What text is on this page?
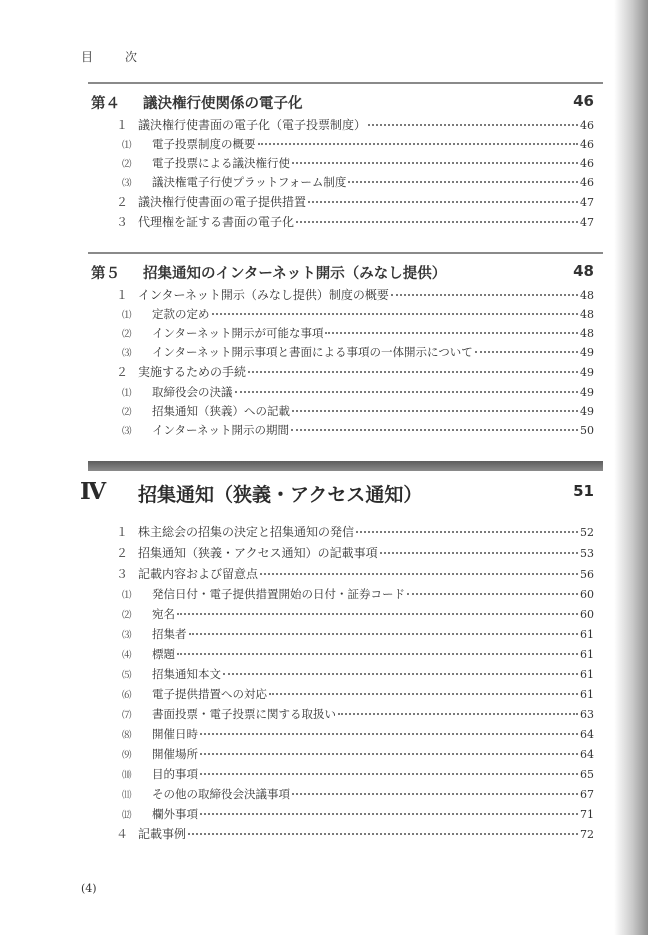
目　次
第４ 議決権行使関係の電子化	46
１ 議決権行使書面の電子化（電子投票制度）	46
⑴	電子投票制度の概要	46
⑵	電子投票による議決権行使	46
⑶	議決権電子行使プラットフォーム制度	46
２ 議決権行使書面の電子提供措置	47
３ 代理権を証する書面の電子化	47
第５ 招集通知のインターネット開示（みなし提供）	48
１ インターネット開示（みなし提供）制度の概要	48
⑴	定款の定め	48
⑵	インターネット開示が可能な事項	48
⑶	インターネット開示事項と書面による事項の一体開示について	49
２ 実施するための手続	49
⑴	取締役会の決議	49
⑵	招集通知（狭義）への記載	49
⑶	インターネット開示の期間	50
Ⅳ 招集通知（狭義・アクセス通知）	51
１ 株主総会の招集の決定と招集通知の発信	52
２ 招集通知（狭義・アクセス通知）の記載事項	53
３ 記載内容および留意点	56
⑴	発信日付・電子提供措置開始の日付・証券コード	60
⑵	宛名	60
⑶	招集者	61
⑷	標題	61
⑸	招集通知本文	61
⑹	電子提供措置への対応	61
⑺	書面投票・電子投票に関する取扱い	63
⑻	開催日時	64
⑼	開催場所	64
⑽	目的事項	65
⑾	その他の取締役会決議事項	67
⑿	欄外事項	71
４ 記載事例	72
(4)
